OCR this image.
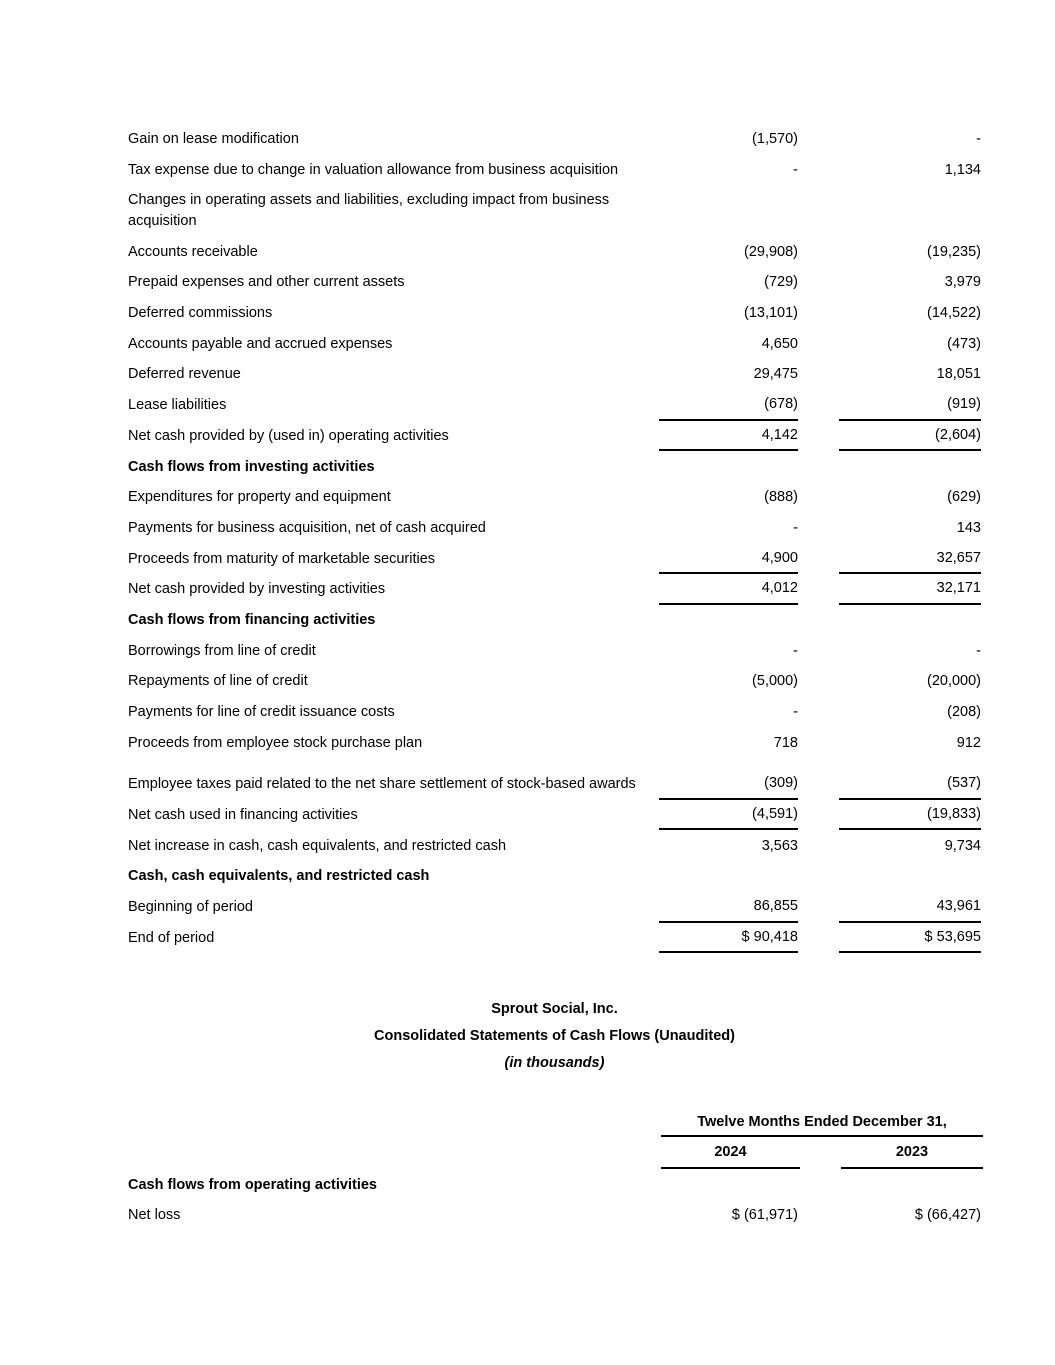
Gain on lease modification	(1,570)	-
Tax expense due to change in valuation allowance from business acquisition	-	1,134
Changes in operating assets and liabilities, excluding impact from business acquisition
Accounts receivable	(29,908)	(19,235)
Prepaid expenses and other current assets	(729)	3,979
Deferred commissions	(13,101)	(14,522)
Accounts payable and accrued expenses	4,650	(473)
Deferred revenue	29,475	18,051
Lease liabilities	(678)	(919)
Net cash provided by (used in) operating activities	4,142	(2,604)
Cash flows from investing activities
Expenditures for property and equipment	(888)	(629)
Payments for business acquisition, net of cash acquired	-	143
Proceeds from maturity of marketable securities	4,900	32,657
Net cash provided by investing activities	4,012	32,171
Cash flows from financing activities
Borrowings from line of credit	-	-
Repayments of line of credit	(5,000)	(20,000)
Payments for line of credit issuance costs	-	(208)
Proceeds from employee stock purchase plan	718	912
Employee taxes paid related to the net share settlement of stock-based awards	(309)	(537)
Net cash used in financing activities	(4,591)	(19,833)
Net increase in cash, cash equivalents, and restricted cash	3,563	9,734
Cash, cash equivalents, and restricted cash
Beginning of period	86,855	43,961
End of period	$ 90,418	$ 53,695
Sprout Social, Inc.
Consolidated Statements of Cash Flows (Unaudited)
(in thousands)
Twelve Months Ended December 31,
2024	2023
Cash flows from operating activities
Net loss	$ (61,971)	$ (66,427)
